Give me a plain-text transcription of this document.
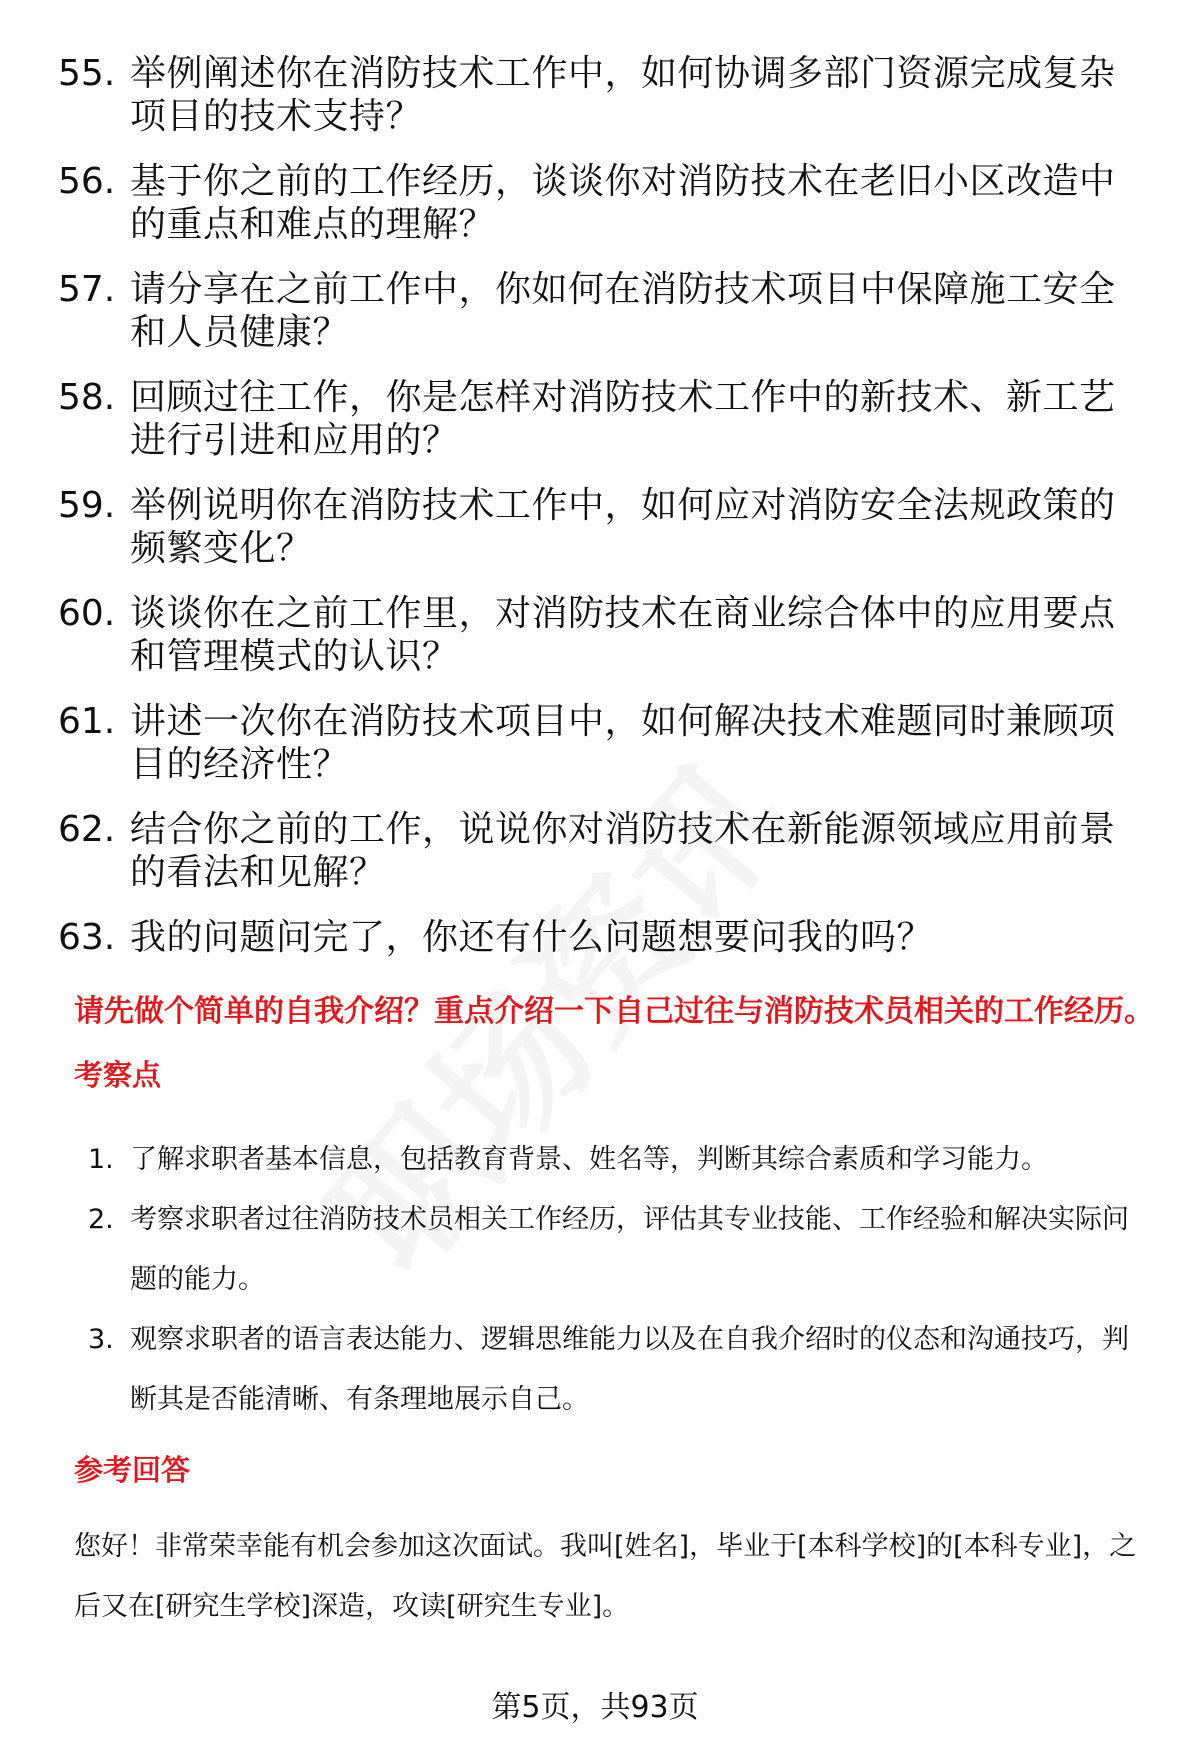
55. 举例阐述你在消防技术工作中，如何协调多部门资源完成复杂项目的技术支持？
56. 基于你之前的工作经历，谈谈你对消防技术在老旧小区改造中的重点和难点的理解？
57. 请分享在之前工作中，你如何在消防技术项目中保障施工安全和人员健康？
58. 回顾过往工作，你是怎样对消防技术工作中的新技术、新工艺进行引进和应用的？
59. 举例说明你在消防技术工作中，如何应对消防安全法规政策的频繁变化？
60. 谈谈你在之前工作里，对消防技术在商业综合体中的应用要点和管理模式的认识？
61. 讲述一次你在消防技术项目中，如何解决技术难题同时兼顾项目的经济性？
62. 结合你之前的工作，说说你对消防技术在新能源领域应用前景的看法和见解？
63. 我的问题问完了，你还有什么问题想要问我的吗？
请先做个简单的自我介绍？重点介绍一下自己过往与消防技术员相关的工作经历。
考察点
1. 了解求职者基本信息，包括教育背景、姓名等，判断其综合素质和学习能力。
2. 考察求职者过往消防技术员相关工作经历，评估其专业技能、工作经验和解决实际问题的能力。
3. 观察求职者的语言表达能力、逻辑思维能力以及在自我介绍时的仪态和沟通技巧，判断其是否能清晰、有条理地展示自己。
参考回答
您好！非常荣幸能有机会参加这次面试。我叫[姓名]，毕业于[本科学校]的[本科专业]，之后又在[研究生学校]深造，攻读[研究生专业]。
第5页，共93页
